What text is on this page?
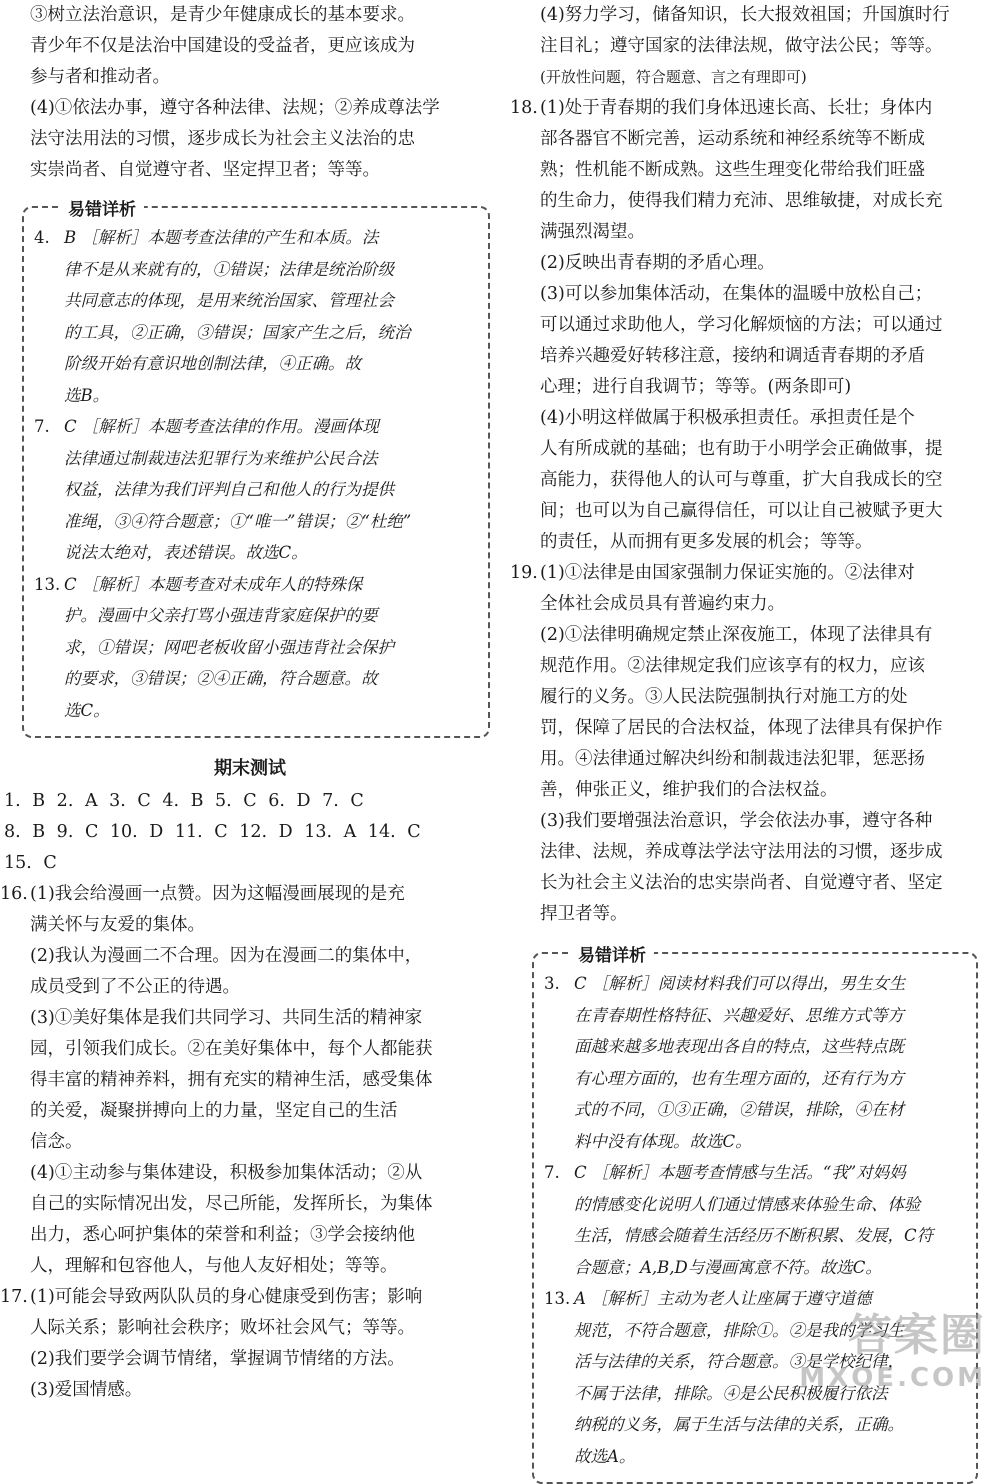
③树立法治意识，是青少年健康成长的基本要求。

青少年不仅是法治中国建设的受益者，更应该成为

参与者和推动者。

(4)①依法办事，遵守各种法律、法规；②养成尊法学

法守法用法的习惯，逐步成长为社会主义法治的忠

实崇尚者、自觉遵守者、坚定捍卫者；等等。

易错详析

4. B ［解析］本题考查法律的产生和本质。法

律不是从来就有的，①错误；法律是统治阶级

共同意志的体现，是用来统治国家、管理社会

的工具，②正确，③错误；国家产生之后，统治

阶级开始有意识地创制法律，④正确。故

选B。

7. C ［解析］本题考查法律的作用。漫画体现

法律通过制裁违法犯罪行为来维护公民合法

权益，法律为我们评判自己和他人的行为提供

准绳，③④符合题意；①“唯一”错误；②“杜绝”

说法太绝对，表述错误。故选C。

13. C ［解析］本题考查对未成年人的特殊保

护。漫画中父亲打骂小强违背家庭保护的要

求，①错误；网吧老板收留小强违背社会保护

的要求，③错误；②④正确，符合题意。故

选C。

期末测试

1. B 2. A 3. C 4. B 5. C 6. D 7. C

8. B 9. C 10. D 11. C 12. D 13. A 14. C

15. C

16. (1)我会给漫画一点赞。因为这幅漫画展现的是充

满关怀与友爱的集体。

(2)我认为漫画二不合理。因为在漫画二的集体中，

成员受到了不公正的待遇。

(3)①美好集体是我们共同学习、共同生活的精神家

园，引领我们成长。②在美好集体中，每个人都能获

得丰富的精神养料，拥有充实的精神生活，感受集体

的关爱，凝聚拼搏向上的力量，坚定自己的生活

信念。

(4)①主动参与集体建设，积极参加集体活动；②从

自己的实际情况出发，尽己所能，发挥所长，为集体

出力，悉心呵护集体的荣誉和利益；③学会接纳他

人，理解和包容他人，与他人友好相处；等等。

17. (1)可能会导致两队队员的身心健康受到伤害；影响

人际关系；影响社会秩序；败坏社会风气；等等。

(2)我们要学会调节情绪，掌握调节情绪的方法。

(3)爱国情感。

(4)努力学习，储备知识，长大报效祖国；升国旗时行

注目礼；遵守国家的法律法规，做守法公民；等等。

(开放性问题，符合题意、言之有理即可)

18. (1)处于青春期的我们身体迅速长高、长壮；身体内

部各器官不断完善，运动系统和神经系统等不断成

熟；性机能不断成熟。这些生理变化带给我们旺盛

的生命力，使得我们精力充沛、思维敏捷，对成长充

满强烈渴望。

(2)反映出青春期的矛盾心理。

(3)可以参加集体活动，在集体的温暖中放松自己；

可以通过求助他人，学习化解烦恼的方法；可以通过

培养兴趣爱好转移注意，接纳和调适青春期的矛盾

心理；进行自我调节；等等。(两条即可)

(4)小明这样做属于积极承担责任。承担责任是个

人有所成就的基础；也有助于小明学会正确做事，提

高能力，获得他人的认可与尊重，扩大自我成长的空

间；也可以为自己赢得信任，可以让自己被赋予更大

的责任，从而拥有更多发展的机会；等等。

19. (1)①法律是由国家强制力保证实施的。②法律对

全体社会成员具有普遍约束力。

(2)①法律明确规定禁止深夜施工，体现了法律具有

规范作用。②法律规定我们应该享有的权力，应该

履行的义务。③人民法院强制执行对施工方的处

罚，保障了居民的合法权益，体现了法律具有保护作

用。④法律通过解决纠纷和制裁违法犯罪，惩恶扬

善，伸张正义，维护我们的合法权益。

(3)我们要增强法治意识，学会依法办事，遵守各种

法律、法规，养成尊法学法守法用法的习惯，逐步成

长为社会主义法治的忠实崇尚者、自觉遵守者、坚定

捍卫者等。

易错详析

3. C ［解析］阅读材料我们可以得出，男生女生

在青春期性格特征、兴趣爱好、思维方式等方

面越来越多地表现出各自的特点，这些特点既

有心理方面的，也有生理方面的，还有行为方

式的不同，①③正确，②错误，排除，④在材

料中没有体现。故选C。

7. C ［解析］本题考查情感与生活。“我”对妈妈

的情感变化说明人们通过情感来体验生命、体验

生活，情感会随着生活经历不断积累、发展，C符

合题意；A,B,D与漫画寓意不符。故选C。

13. A ［解析］主动为老人让座属于遵守道德

规范，不符合题意，排除①。②是我的学习生

活与法律的关系，符合题意。③是学校纪律，

不属于法律，排除。④是公民积极履行依法

纳税的义务，属于生活与法律的关系，正确。

故选A。

答案圈
MXQE.COM
